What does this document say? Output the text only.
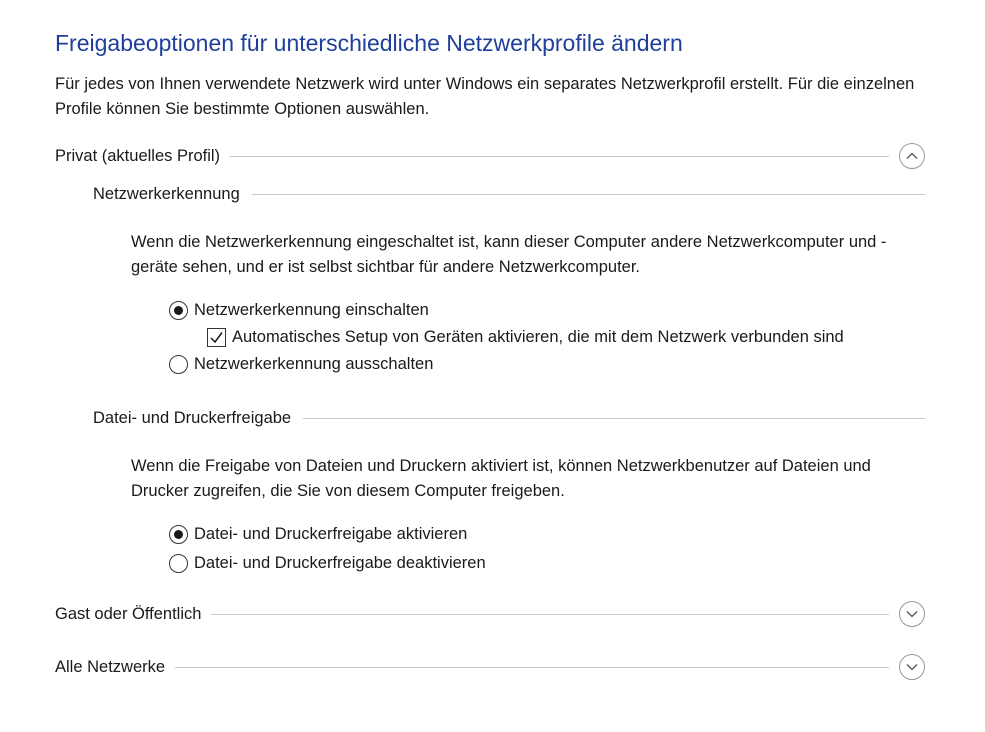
Freigabeoptionen für unterschiedliche Netzwerkprofile ändern
Für jedes von Ihnen verwendete Netzwerk wird unter Windows ein separates Netzwerkprofil erstellt. Für die einzelnen Profile können Sie bestimmte Optionen auswählen.
Privat (aktuelles Profil)
Netzwerkerkennung
Wenn die Netzwerkerkennung eingeschaltet ist, kann dieser Computer andere Netzwerkcomputer und -geräte sehen, und er ist selbst sichtbar für andere Netzwerkcomputer.
Netzwerkerkennung einschalten
Automatisches Setup von Geräten aktivieren, die mit dem Netzwerk verbunden sind
Netzwerkerkennung ausschalten
Datei- und Druckerfreigabe
Wenn die Freigabe von Dateien und Druckern aktiviert ist, können Netzwerkbenutzer auf Dateien und Drucker zugreifen, die Sie von diesem Computer freigeben.
Datei- und Druckerfreigabe aktivieren
Datei- und Druckerfreigabe deaktivieren
Gast oder Öffentlich
Alle Netzwerke
